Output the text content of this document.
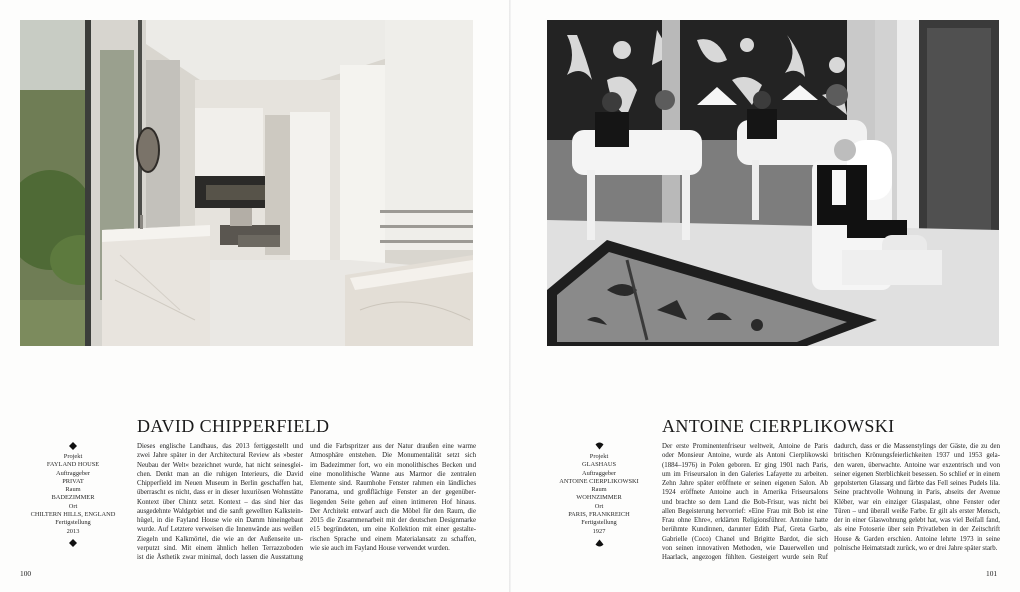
DAVID CHIPPERFIELD
Projekt
FAYLAND HOUSE
Auftraggeber
PRIVAT
Raum
BADEZIMMER
Ort
CHILTERN HILLS, ENGLAND
Fertigstellung
2013
Dieses englische Landhaus, das 2013 fertiggestellt und
zwei Jahre später in der Architectural Review als »bester
Neubau der Welt« bezeichnet wurde, hat nicht seinesglei-
chen. Denkt man an die ruhigen Interieurs, die David
Chipperfield im Neuen Museum in Berlin geschaffen hat,
überrascht es nicht, dass er in dieser luxuriösen Wohnstätte
Kontext über Chintz setzt. Kontext – das sind hier das
ausgedehnte Waldgebiet und die sanft gewellten Kalkstein-
hügel, in die Fayland House wie ein Damm hineingebaut
wurde. Auf Letztere verweisen die Innenwände aus weißen
Ziegeln und Kalkmörtel, die wie an der Außenseite un-
verputzt sind. Mit einem ähnlich hellen Terrazzoboden
ist die Ästhetik zwar minimal, doch lassen die Ausstattung
und die Farbspritzer aus der Natur draußen eine warme
Atmosphäre entstehen. Die Monumentalität setzt sich
im Badezimmer fort, wo ein monolithisches Becken und
eine monolithische Wanne aus Marmor die zentralen
Elemente sind. Raumhohe Fenster rahmen ein ländliches
Panorama, und großflächige Fenster an der gegenüber-
liegenden Seite gehen auf einen intimeren Hof hinaus.
Der Architekt entwarf auch die Möbel für den Raum, die
2015 die Zusammenarbeit mit der deutschen Designmarke
e15 begründeten, um eine Kollektion mit einer gestalte-
rischen Sprache und einem Materialansatz zu schaffen,
wie sie auch im Fayland House verwendet wurden.
100
ANTOINE CIERPLIKOWSKI
Projekt
GLASHAUS
Auftraggeber
ANTOINE CIERPLIKOWSKI
Raum
WOHNZIMMER
Ort
PARIS, FRANKREICH
Fertigstellung
1927
Der erste Prominentenfriseur weltweit, Antoine de Paris
oder Monsieur Antoine, wurde als Antoni Cierplikowski
(1884–1976) in Polen geboren. Er ging 1901 nach Paris,
um im Friseursalon in den Galeries Lafayette zu arbeiten.
Zehn Jahre später eröffnete er seinen eigenen Salon. Ab
1924 eröffnete Antoine auch in Amerika Friseursalons
und brachte so dem Land die Bob-Frisur, was nicht bei
allen Begeisterung hervorrief: »Eine Frau mit Bob ist eine
Frau ohne Ehre«, erklärten Religionsführer. Antoine hatte
berühmte Kundinnen, darunter Edith Piaf, Greta Garbo,
Gabrielle (Coco) Chanel und Brigitte Bardot, die sich
von seinen innovativen Methoden, wie Dauerwellen und
Haarlack, angezogen fühlten. Gesteigert wurde sein Ruf
dadurch, dass er die Massenstylings der Gäste, die zu den
britischen Krönungsfeierlichkeiten 1937 und 1953 gela-
den waren, überwachte. Antoine war exzentrisch und von
seiner eigenen Sterblichkeit besessen. So schlief er in einem
gepolsterten Glassarg und färbte das Fell seines Pudels lila.
Seine prachtvolle Wohnung in Paris, abseits der Avenue
Kléber, war ein einziger Glaspalast, ohne Fenster oder
Türen – und überall weiße Farbe. Er gilt als erster Mensch,
der in einer Glaswohnung gelebt hat, was viel Beifall fand,
als eine Fotoserie über sein Privatleben in der Zeitschrift
House & Garden erschien. Antoine lehrte 1973 in seine
polnische Heimatstadt zurück, wo er drei Jahre später starb.
101
